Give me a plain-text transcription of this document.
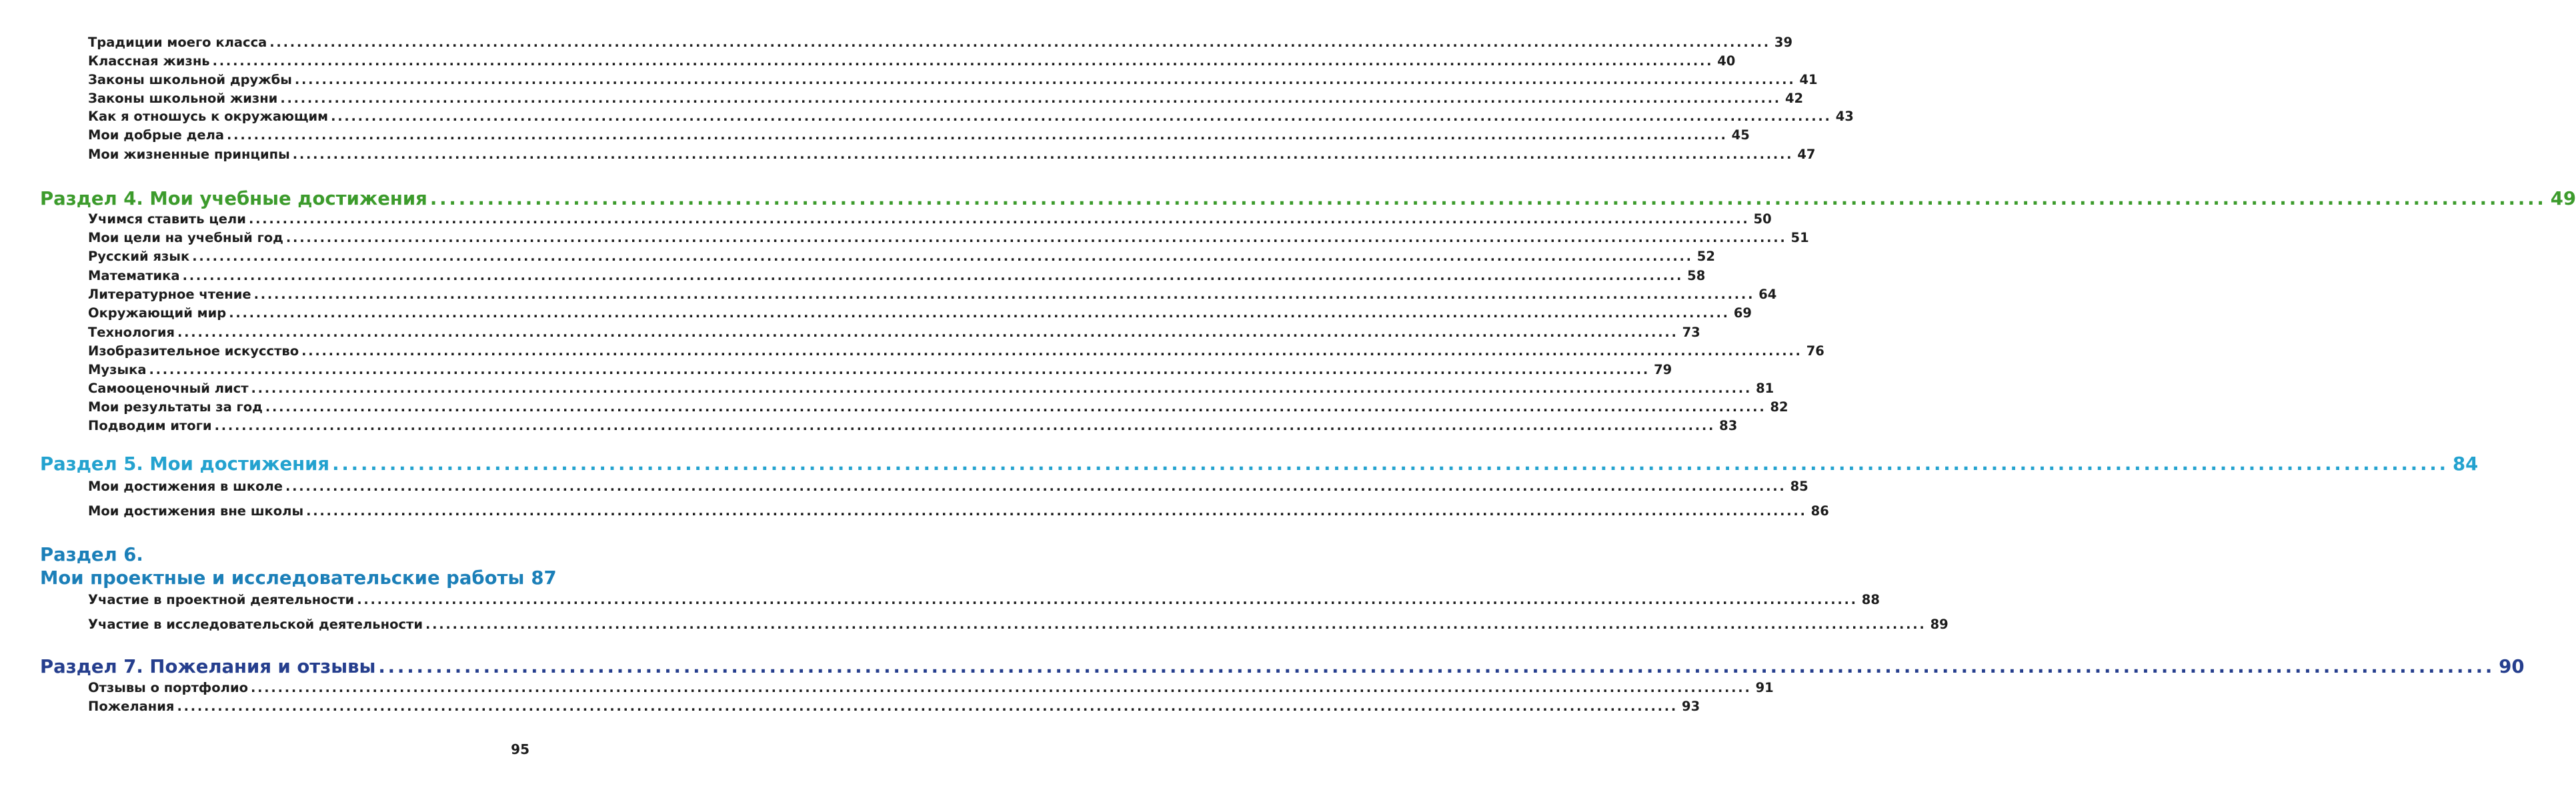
Традиции моего класса .....	39
Классная жизнь .....	40
Законы школьной дружбы .....	41
Законы школьной жизни .....	42
Как я отношусь к окружающим .....	43
Мои добрые дела .....	45
Мои жизненные принципы .....	47
Раздел 4. Мои учебные достижения .....	49
Учимся ставить цели .....	50
Мои цели на учебный год .....	51
Русский язык .....	52
Математика .....	58
Литературное чтение .....	64
Окружающий мир .....	69
Технология .....	73
Изобразительное искусство .....	76
Музыка .....	79
Самооценочный лист .....	81
Мои результаты за год .....	82
Подводим итоги .....	83
Раздел 5. Мои достижения .....	84
Мои достижения в школе .....	85
Мои достижения вне школы .....	86
Раздел 6.
Мои проектные и исследовательские работы 87
Участие в проектной деятельности .....	88
Участие в исследовательской деятельности .....	89
Раздел 7. Пожелания и отзывы .....	90
Отзывы о портфолио .....	91
Пожелания .....	93
95
